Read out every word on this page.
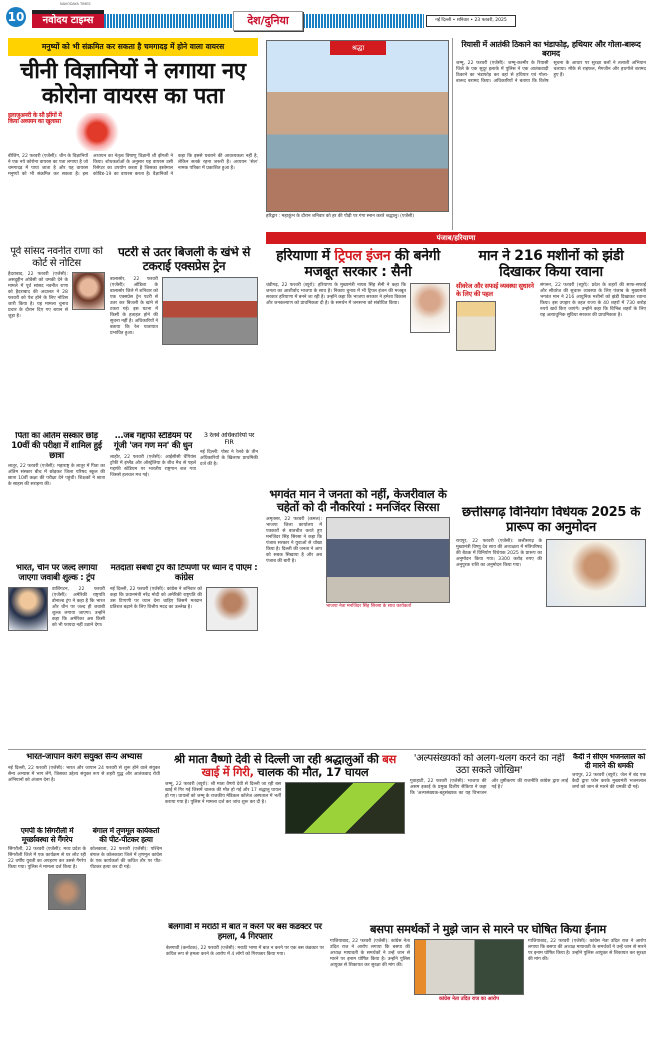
10
NAVODAYA TIMES
नवोदय टाइम्स	देश/दुनिया	नई दिल्ली • शनिवार • 23 फरवरी, 2025
मनुष्यों को भी संक्रमित कर सकता है चमगादड़ में होने वाला वायरस
चीनी विज्ञानियों ने लगाया नए कोरोना वायरस का पता
इलाजुअनरी के सौ झींगों में किया अध्ययन का खुलासा
बीजिंग, 22 फरवरी (एजेंसी): चीन के विज्ञानियों ने एक नये कोरोना वायरस का पता लगाया है जो चमगादड़ में पाया जाता है और यह वायरस मनुष्यों को भी संक्रमित कर सकता है। इस अध्ययन का नेतृत्व विषाणु विज्ञानी शी झेंगली ने किया। शोधकर्ताओं के अनुसार यह वायरस उसी रिसेप्टर का उपयोग करता है जिसका इस्तेमाल कोविड-19 का वायरस करता है। वैज्ञानिकों ने कहा कि इससे घबराने की आवश्यकता नहीं है, लेकिन सतर्क रहना जरूरी है। अध्ययन 'सेल' नामक पत्रिका में प्रकाशित हुआ है।
श्रद्धा
हरिद्वार : महाकुंभ के दौरान शनिवार को हर की पौड़ी पर गंगा स्नान करते श्रद्धालु। (एजेंसी)
रियासी में आतंकी ठिकाने का भंडाफोड़, हथियार और गोला-बारूद बरामद
जम्मू, 22 फरवरी (एजेंसी): जम्मू-कश्मीर के रियासी जिले के एक सुदूर इलाके में पुलिस ने एक आतंकवादी ठिकाने का भंडाफोड़ कर वहां से हथियार एवं गोला-बारूद बरामद किया। अधिकारियों ने बताया कि विशेष सूचना के आधार पर सुरक्षा बलों ने तलाशी अभियान चलाया। मौके से राइफल, मैगजीन और हथगोले बरामद हुए हैं।
पंजाब/हरियाणा
पूर्व सांसद नवनीत राणा को कोर्ट से नोटिस
हैदराबाद, 22 फरवरी (एजेंसी): असदुद्दीन ओवैसी को धमकी देने के मामले में पूर्व सांसद नवनीत राणा को हैदराबाद की अदालत ने 28 फरवरी को पेश होने के लिए नोटिस जारी किया है। यह मामला चुनाव प्रचार के दौरान दिए गए बयान से जुड़ा है।
पटरी से उतर बिजली के खंभे से टकराई एक्सप्रेस ट्रेन
बालासोर, 22 फरवरी (एजेंसी): ओडिशा के बालासोर जिले में शनिवार को एक एक्सप्रेस ट्रेन पटरी से उतर कर बिजली के खंभे से टकरा गई। इस घटना में किसी के हताहत होने की सूचना नहीं है। अधिकारियों ने बताया कि रेल यातायात प्रभावित हुआ।
हरियाणा में ट्रिपल इंजन की बनेगी मजबूत सरकार : सैनी
चंडीगढ़, 22 फरवरी (ब्यूरो): हरियाणा के मुख्यमंत्री नायब सिंह सैनी ने कहा कि जनता का आशीर्वाद भाजपा के साथ है। निकाय चुनाव में भी ट्रिपल इंजन की मजबूत सरकार हरियाणा में बनने जा रही है। उन्होंने कहा कि भाजपा सरकार ने हमेशा विकास और जनकल्याण को प्राथमिकता दी है। के समर्थन में जनसभा को संबोधित किया।
मान ने 216 मशीनों को झंडी दिखाकर किया रवाना
सीवरेज और सफाई व्यवस्था सुधारने के लिए की पहल
संगरूर, 22 फरवरी (ब्यूरो): प्रदेश के शहरों की साफ-सफाई और सीवरेज की सुचारू व्यवस्था के लिए पंजाब के मुख्यमंत्री भगवंत मान ने 216 आधुनिक मशीनों को झंडी दिखाकर रवाना किया। इस उपहार के तहत राज्य के 40 शहरों में 730 करोड़ रुपये खर्च किए जाएंगे। उन्होंने कहा कि विभिन्न शहरों के लिए यह अत्याधुनिक सुविधा सरकार की प्राथमिकता है।
पिता का अंतिम संस्कार छोड़ 10वीं की परीक्षा में शामिल हुई छात्रा
लातूर, 22 फरवरी (एजेंसी): महाराष्ट्र के लातूर में पिता का अंतिम संस्कार बीच में छोड़कर जिला परिषद स्कूल की छात्रा 10वीं कक्षा की परीक्षा देने पहुंची। शिक्षकों ने छात्रा के साहस की सराहना की।
...जब गद्दाफी स्टेडियम पर गूंजी 'जन गण मन' की धुन
लाहौर, 22 फरवरी (एजेंसी): आईसीसी चैंपियंस ट्रॉफी में इंग्लैंड और ऑस्ट्रेलिया के बीच मैच से पहले गद्दाफी स्टेडियम पर भारतीय राष्ट्रगान बज गया जिससे हलचल मच गई।
3 रेलवे अधिकारियों पर FIR
नई दिल्ली: पोस्ट ने रेलवे के तीन अधिकारियों के खिलाफ प्राथमिकी दर्ज की है।
भगवंत मान ने जनता को नहीं, केजरीवाल के चहेतों को दी नौकरियां : मनजिंदर सिरसा
अमृतसर, 22 फरवरी (कमल): भाजपा जिला कार्यालय में पत्रकारों से बातचीत करते हुए मनजिंदर सिंह सिरसा ने कहा कि पंजाब सरकार ने युवाओं से धोखा किया है। दिल्ली की जनता ने आप को सबक सिखाया है और अब पंजाब की बारी है।
भाजपा नेता मनजिंदर सिंह सिरसा के साथ कार्यकर्ता
छत्तीसगढ़ विनियोग विधेयक 2025 के प्रारूप का अनुमोदन
रायपुर, 22 फरवरी (एजेंसी): छत्तीसगढ़ के मुख्यमंत्री विष्णु देव साय की अध्यक्षता में मंत्रिपरिषद की बैठक में विनियोग विधेयक 2025 के प्रारूप का अनुमोदन किया गया। 3300 करोड़ रुपए की अनुपूरक राशि का अनुमोदन किया गया।
भारत, चीन पर जल्द लगाया जाएगा जवाबी शुल्क : ट्रंप
वाशिंगटन, 22 फरवरी (एजेंसी): अमेरिकी राष्ट्रपति डोनाल्ड ट्रंप ने कहा है कि भारत और चीन पर जल्द ही जवाबी शुल्क लगाया जाएगा। उन्होंने कहा कि अमेरिका अब किसी को भी फायदा नहीं उठाने देगा।
मतदाता संबंधी ट्रंप की टिप्पणी पर ध्यान दें पीएम : कांग्रेस
नई दिल्ली, 22 फरवरी (एजेंसी): कांग्रेस ने शनिवार को कहा कि प्रधानमंत्री नरेंद्र मोदी को अमेरिकी राष्ट्रपति की उस टिप्पणी पर ध्यान देना चाहिए जिसमें मतदान प्रतिशत बढ़ाने के लिए वित्तीय मदद का उल्लेख है।
भारत-जापान करेंगे संयुक्त सैन्य अभ्यास
नई दिल्ली, 22 फरवरी (एजेंसी): भारत और जापान 24 फरवरी से शुरू होने वाले संयुक्त सैन्य अभ्यास में भाग लेंगे, जिसका उद्देश्य संयुक्त रूप से शहरी युद्ध और आतंकवाद रोधी अभियानों को अंजाम देना है।
श्री माता वैष्णो देवी से दिल्ली जा रही श्रद्धालुओं की बस खाई में गिरी, चालक की मौत, 17 घायल
जम्मू, 22 फरवरी (ब्यूरो): श्री माता वैष्णो देवी से दिल्ली जा रही बस खाई में गिर गई जिसमें चालक की मौत हो गई और 17 श्रद्धालु घायल हो गए। घायलों को जम्मू के राजकीय मेडिकल कॉलेज अस्पताल में भर्ती कराया गया है। पुलिस ने मामला दर्ज कर जांच शुरू कर दी है।
'अल्पसंख्यकों को अलग-थलग करने का नहीं उठा सकते जोखिम'
गुवाहाटी, 22 फरवरी (एजेंसी): भाजपा की असम इकाई के प्रमुख दिलीप सैकिया ने कहा कि 'अल्पसंख्यक-बहुसंख्यक का यह विभाजन और तुष्टीकरण की राजनीति कांग्रेस द्वारा लाई गई है।'
कैदी ने सीएम भजनलाल को दी मारने की धमकी
जयपुर, 22 फरवरी (ब्यूरो): जेल में बंद एक कैदी द्वारा फोन करके मुख्यमंत्री भजनलाल शर्मा को जान से मारने की धमकी दी गई।
एमपी के सिंगरौली में मूर्च्छावस्था से गैंगरेप
सिंगरौली, 22 फरवरी (एजेंसी): मध्य प्रदेश के सिंगरौली जिले में एक कार्यक्रम से घर लौट रही 22 वर्षीय युवती का अपहरण कर उससे गैंगरेप किया गया। पुलिस ने मामला दर्ज किया है।
बंगाल में तृणमूल कार्यकर्ता की पीट-पीटकर हत्या
कोलकाता, 22 फरवरी (एजेंसी): पश्चिम बंगाल के कोलकाता जिले में तृणमूल कांग्रेस के एक कार्यकर्ता की कथित तौर पर पीट-पीटकर हत्या कर दी गई।
बेलगावी में मराठी में बात न करने पर बस कंडक्टर पर हमला, 4 गिरफ्तार
बेलगावी (कर्नाटक), 22 फरवरी (एजेंसी): मराठी भाषा में बात न करने पर एक बस कंडक्टर पर कथित रूप से हमला करने के आरोप में 4 लोगों को गिरफ्तार किया गया।
बसपा समर्थकों ने मुझे जान से मारने पर घोषित किया ईनाम
गाजियाबाद, 22 फरवरी (एजेंसी): कांग्रेस नेता उदित राज ने आरोप लगाया कि बसपा की अध्यक्ष मायावती के समर्थकों ने उन्हें जान से मारने पर इनाम घोषित किया है। उन्होंने पुलिस आयुक्त से शिकायत कर सुरक्षा की मांग की।
कांग्रेस नेता उदित राज का आरोप
गाजियाबाद, 22 फरवरी (एजेंसी): कांग्रेस नेता उदित राज ने आरोप लगाया कि बसपा की अध्यक्ष मायावती के समर्थकों ने उन्हें जान से मारने पर इनाम घोषित किया है। उन्होंने पुलिस आयुक्त से शिकायत कर सुरक्षा की मांग की।
